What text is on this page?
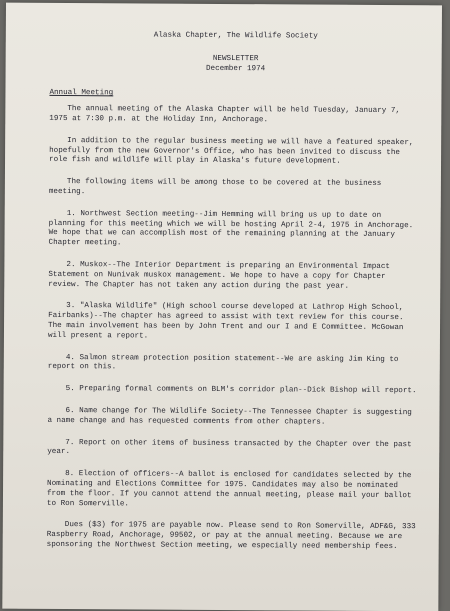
Alaska Chapter, The Wildlife Society
NEWSLETTER
December 1974
Annual Meeting

The annual meeting of the Alaska Chapter will be held Tuesday, January 7, 1975 at 7:30 p.m. at the Holiday Inn, Anchorage.

In addition to the regular business meeting we will have a featured speaker, hopefully from the new Governor's Office, who has been invited to discuss the role fish and wildlife will play in Alaska's future development.

The following items will be among those to be covered at the business meeting.

1. Northwest Section meeting--Jim Hemming will bring us up to date on planning for this meeting which we will be hosting April 2-4, 1975 in Anchorage. We hope that we can accomplish most of the remaining planning at the January Chapter meeting.

2. Muskox--The Interior Department is preparing an Environmental Impact Statement on Nunivak muskox management. We hope to have a copy for Chapter review. The Chapter has not taken any action during the past year.

3. "Alaska Wildlife" (High school course developed at Lathrop High School, Fairbanks)--The chapter has agreed to assist with text review for this course. The main involvement has been by John Trent and our I and E Committee. McGowan will present a report.

4. Salmon stream protection position statement--We are asking Jim King to report on this.

5. Preparing formal comments on BLM's corridor plan--Dick Bishop will report.

6. Name change for The Wildlife Society--The Tennessee Chapter is suggesting a name change and has requested comments from other chapters.

7. Report on other items of business transacted by the Chapter over the past year.

8. Election of officers--A ballot is enclosed for candidates selected by the Nominating and Elections Committee for 1975. Candidates may also be nominated from the floor. If you cannot attend the annual meeting, please mail your ballot to Ron Somerville.

Dues ($3) for 1975 are payable now. Please send to Ron Somerville, ADF&G, 333 Raspberry Road, Anchorage, 99502, or pay at the annual meeting. Because we are sponsoring the Northwest Section meeting, we especially need membership fees.
